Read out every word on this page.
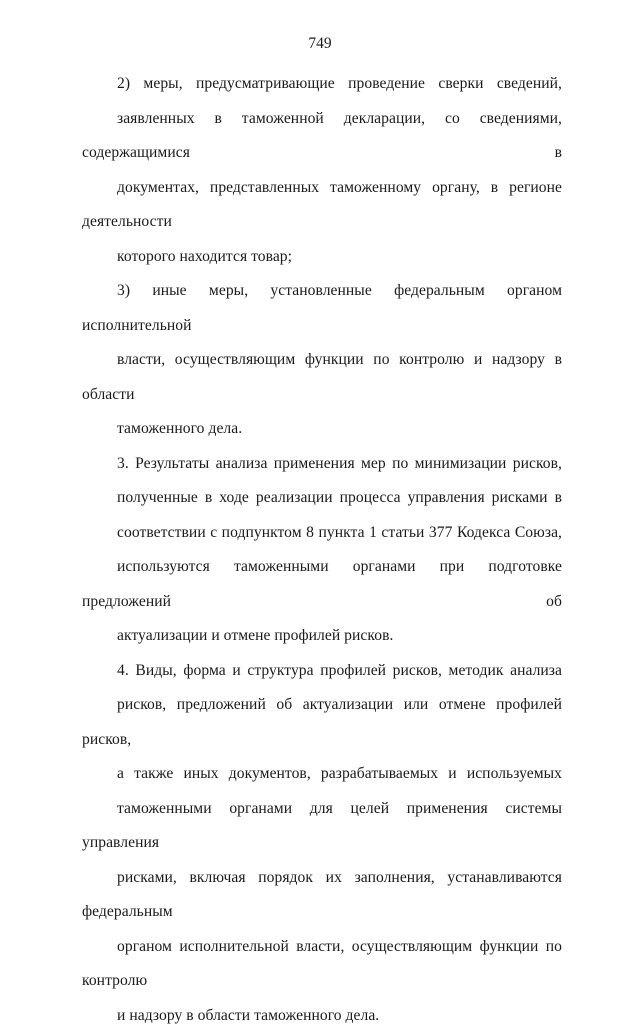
749
2) меры, предусматривающие проведение сверки сведений,
заявленных в таможенной декларации, со сведениями, содержащимися в
документах, представленных таможенному органу, в регионе деятельности
которого находится товар;
3) иные меры, установленные федеральным органом исполнительной
власти, осуществляющим функции по контролю и надзору в области
таможенного дела.
3. Результаты анализа применения мер по минимизации рисков,
полученные в ходе реализации процесса управления рисками в
соответствии с подпунктом 8 пункта 1 статьи 377 Кодекса Союза,
используются таможенными органами при подготовке предложений об
актуализации и отмене профилей рисков.
4. Виды, форма и структура профилей рисков, методик анализа
рисков, предложений об актуализации или отмене профилей рисков,
а также иных документов, разрабатываемых и используемых
таможенными органами для целей применения системы управления
рисками, включая порядок их заполнения, устанавливаются федеральным
органом исполнительной власти, осуществляющим функции по контролю
и надзору в области таможенного дела.
